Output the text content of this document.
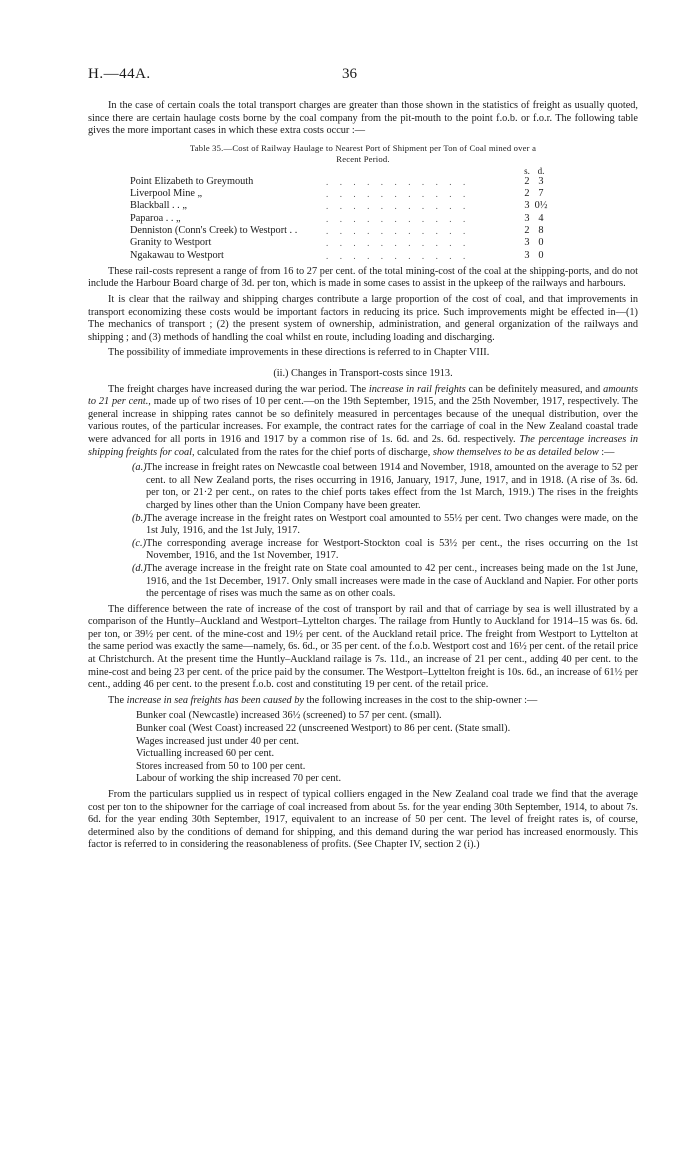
H.—44A.	36

In the case of certain coals the total transport charges are greater than those shown in the statistics of freight as usually quoted, since there are certain haulage costs borne by the coal company from the pit-mouth to the point f.o.b. or f.o.r. The following table gives the more important cases in which these extra costs occur :—

Table 35.—Cost of Railway Haulage to Nearest Port of Shipment per Ton of Coal mined over a
Recent Period.
		s.	d.
Point Elizabeth to Greymouth	. . . . . . . . . . .	2	3
Liverpool Mine „	. . . . . . . . . . .	2	7
Blackball . . „	. . . . . . . . . . .	3	0½
Paparoa . . „	. . . . . . . . . . .	3	4
Denniston (Conn's Creek) to Westport . .	. . . . . . . . . . .	2	8
Granity to Westport	. . . . . . . . . . .	3	0
Ngakawau to Westport	. . . . . . . . . . .	3	0

These rail-costs represent a range of from 16 to 27 per cent. of the total mining-cost of the coal at the shipping-ports, and do not include the Harbour Board charge of 3d. per ton, which is made in some cases to assist in the upkeep of the railways and harbours.

It is clear that the railway and shipping charges contribute a large proportion of the cost of coal, and that improvements in transport economizing these costs would be important factors in reducing its price. Such improvements might be effected in—(1) The mechanics of transport ; (2) the present system of ownership, administration, and general organization of the railways and shipping ; and (3) methods of handling the coal whilst en route, including loading and discharging.

The possibility of immediate improvements in these directions is referred to in Chapter VIII.

(ii.) Changes in Transport-costs since 1913.

The freight charges have increased during the war period. The increase in rail freights can be definitely measured, and amounts to 21 per cent., made up of two rises of 10 per cent.—on the 19th September, 1915, and the 25th November, 1917, respectively. The general increase in shipping rates cannot be so definitely measured in percentages because of the unequal distribution, over the various routes, of the particular increases. For example, the contract rates for the carriage of coal in the New Zealand coastal trade were advanced for all ports in 1916 and 1917 by a common rise of 1s. 6d. and 2s. 6d. respectively. The percentage increases in shipping freights for coal, calculated from the rates for the chief ports of discharge, show themselves to be as detailed below :—

(a.) The increase in freight rates on Newcastle coal between 1914 and November, 1918, amounted on the average to 52 per cent. to all New Zealand ports, the rises occurring in 1916, January, 1917, June, 1917, and in 1918. (A rise of 3s. 6d. per ton, or 21·2 per cent., on rates to the chief ports takes effect from the 1st March, 1919.) The rises in the freights charged by lines other than the Union Company have been greater.
(b.) The average increase in the freight rates on Westport coal amounted to 55½ per cent. Two changes were made, on the 1st July, 1916, and the 1st July, 1917.
(c.) The corresponding average increase for Westport-Stockton coal is 53½ per cent., the rises occurring on the 1st November, 1916, and the 1st November, 1917.
(d.) The average increase in the freight rate on State coal amounted to 42 per cent., increases being made on the 1st June, 1916, and the 1st December, 1917. Only small increases were made in the case of Auckland and Napier. For other ports the percentage of rises was much the same as on other coals.

The difference between the rate of increase of the cost of transport by rail and that of carriage by sea is well illustrated by a comparison of the Huntly–Auckland and Westport–Lyttelton charges. The railage from Huntly to Auckland for 1914–15 was 6s. 6d. per ton, or 39½ per cent. of the mine-cost and 19½ per cent. of the Auckland retail price. The freight from Westport to Lyttelton at the same period was exactly the same—namely, 6s. 6d., or 35 per cent. of the f.o.b. Westport cost and 16½ per cent. of the retail price at Christchurch. At the present time the Huntly–Auckland railage is 7s. 11d., an increase of 21 per cent., adding 40 per cent. to the mine-cost and being 23 per cent. of the price paid by the consumer. The Westport–Lyttelton freight is 10s. 6d., an increase of 61½ per cent., adding 46 per cent. to the present f.o.b. cost and constituting 19 per cent. of the retail price.

The increase in sea freights has been caused by the following increases in the cost to the ship-owner :—

Bunker coal (Newcastle) increased 36½ (screened) to 57 per cent. (small).
Bunker coal (West Coast) increased 22 (unscreened Westport) to 86 per cent. (State small).
Wages increased just under 40 per cent.
Victualling increased 60 per cent.
Stores increased from 50 to 100 per cent.
Labour of working the ship increased 70 per cent.

From the particulars supplied us in respect of typical colliers engaged in the New Zealand coal trade we find that the average cost per ton to the shipowner for the carriage of coal increased from about 5s. for the year ending 30th September, 1914, to about 7s. 6d. for the year ending 30th September, 1917, equivalent to an increase of 50 per cent. The level of freight rates is, of course, determined also by the conditions of demand for shipping, and this demand during the war period has increased enormously. This factor is referred to in considering the reasonableness of profits. (See Chapter IV, section 2 (i).)
